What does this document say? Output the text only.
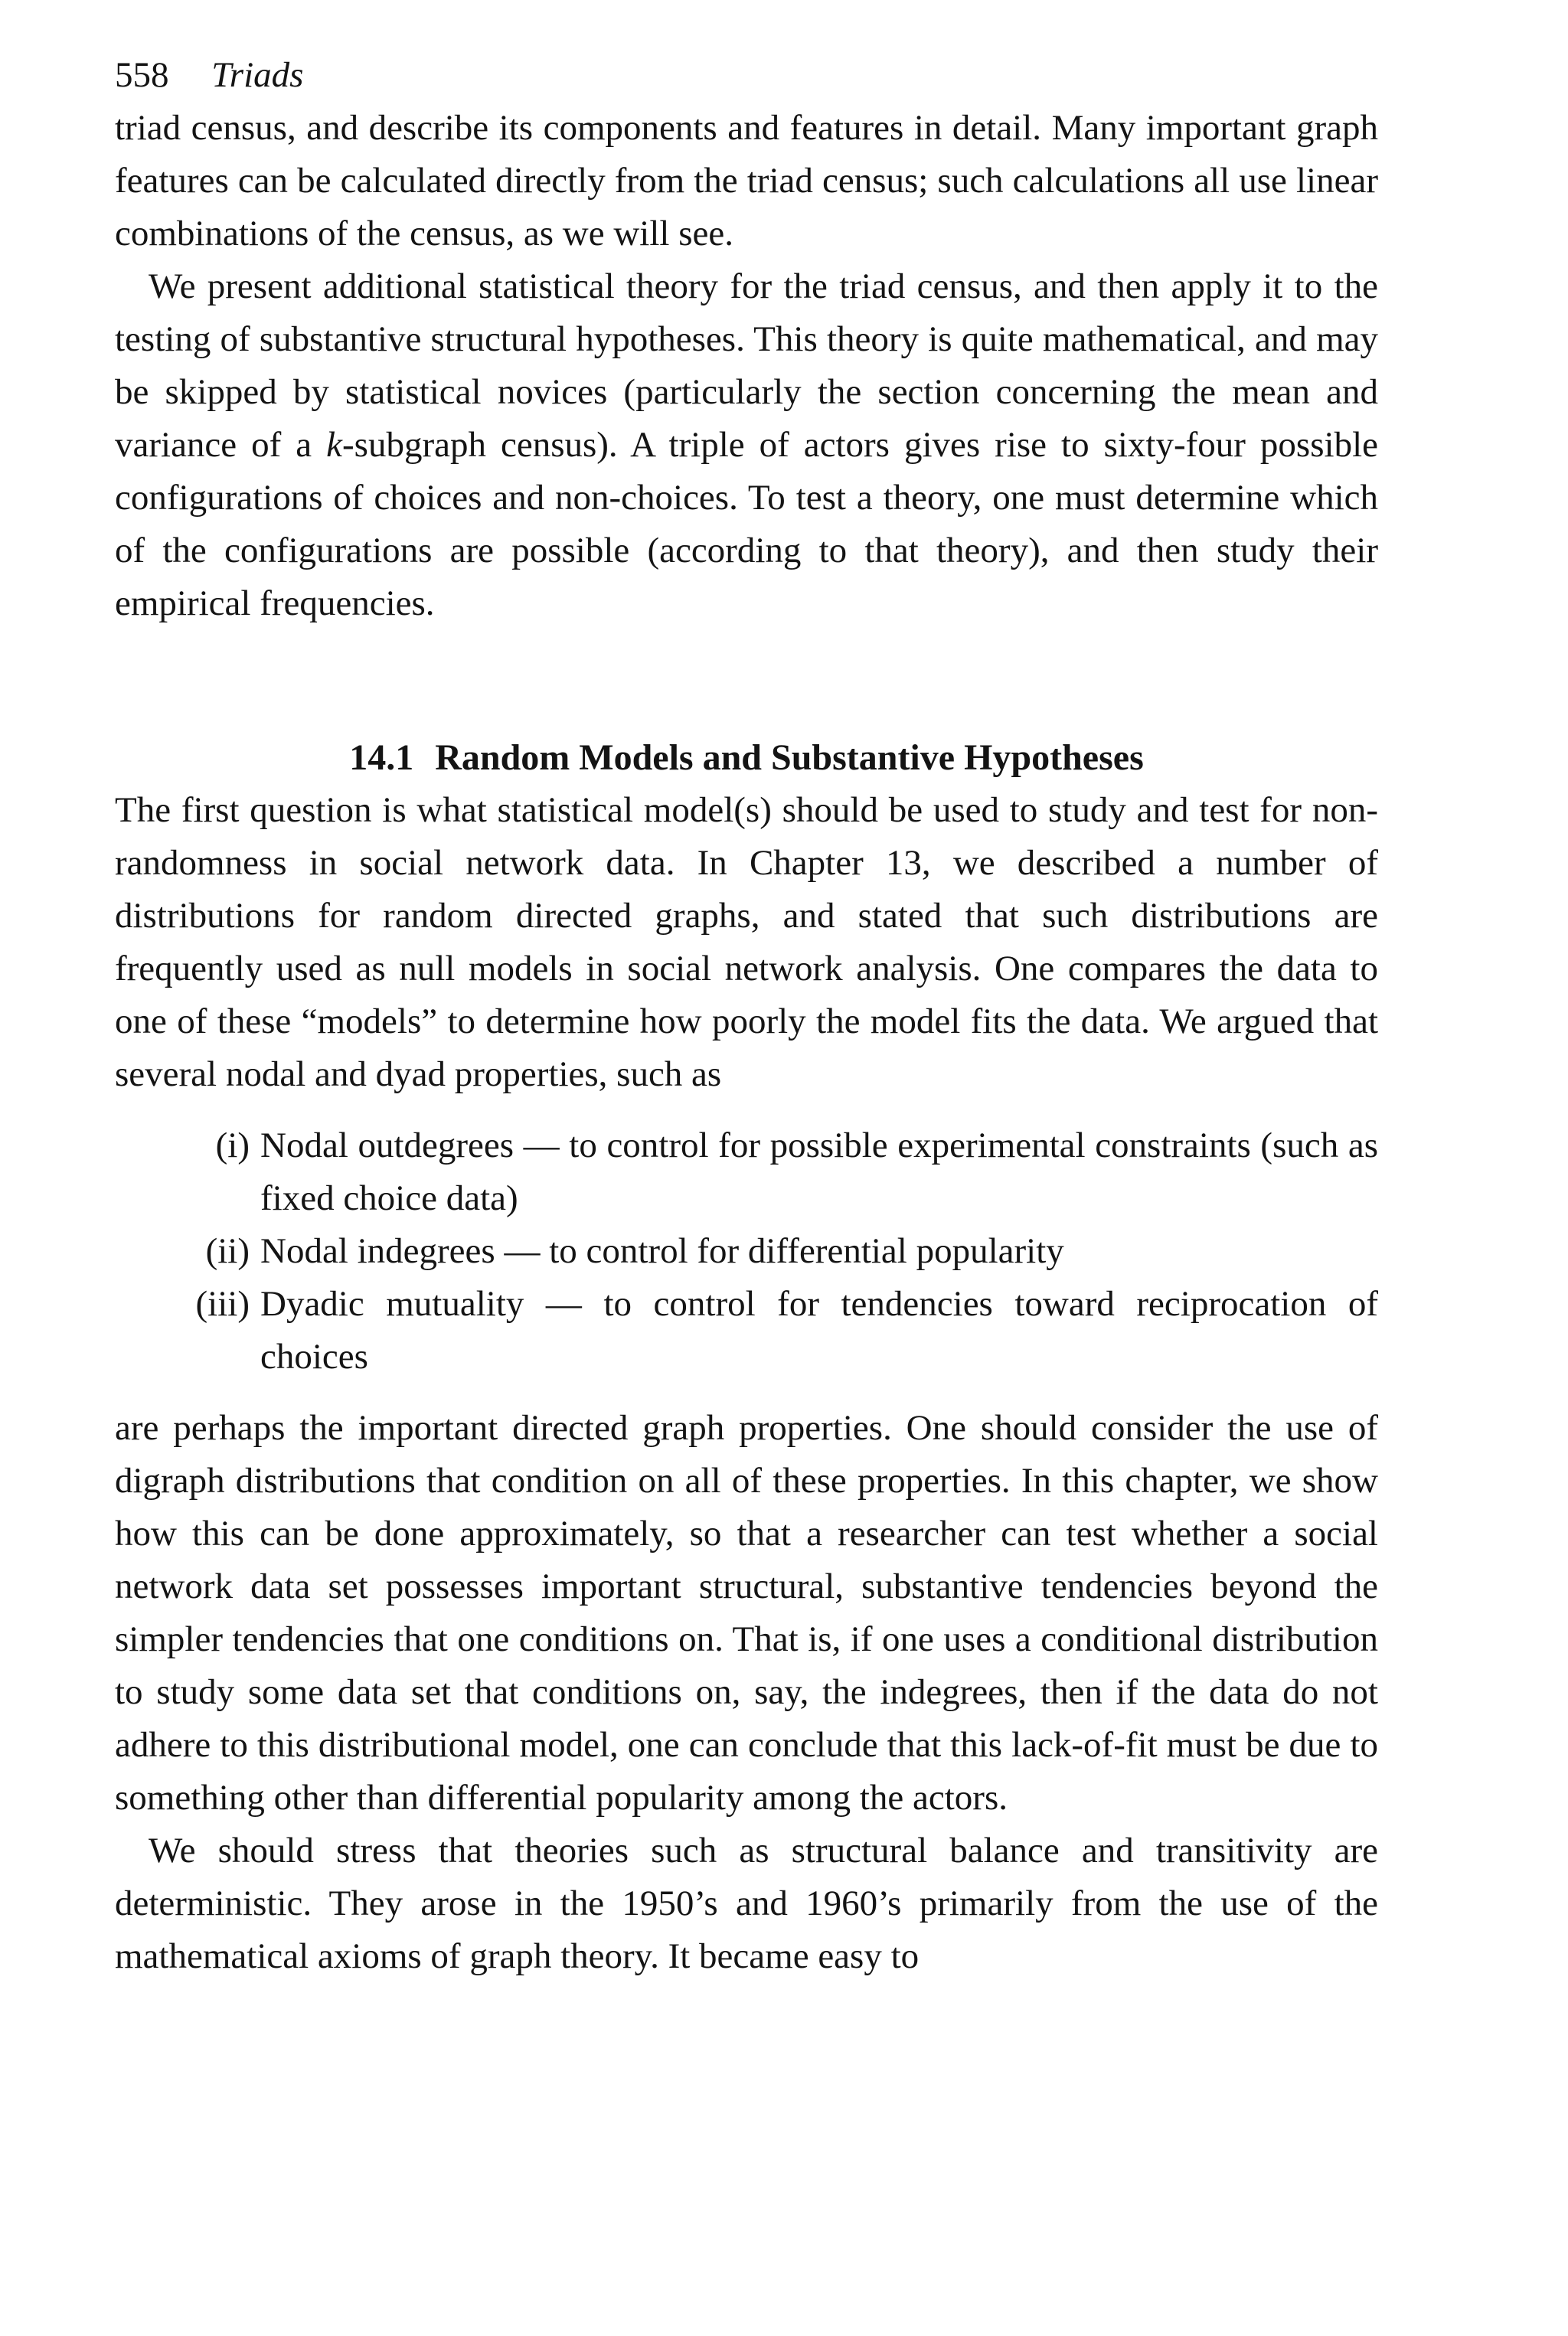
558 Triads

triad census, and describe its components and features in detail. Many important graph features can be calculated directly from the triad census; such calculations all use linear combinations of the census, as we will see.

We present additional statistical theory for the triad census, and then apply it to the testing of substantive structural hypotheses. This theory is quite mathematical, and may be skipped by statistical novices (particularly the section concerning the mean and variance of a k-subgraph census). A triple of actors gives rise to sixty-four possible configurations of choices and non-choices. To test a theory, one must determine which of the configurations are possible (according to that theory), and then study their empirical frequencies.

14.1 Random Models and Substantive Hypotheses

The first question is what statistical model(s) should be used to study and test for non-randomness in social network data. In Chapter 13, we described a number of distributions for random directed graphs, and stated that such distributions are frequently used as null models in social network analysis. One compares the data to one of these “models” to determine how poorly the model fits the data. We argued that several nodal and dyad properties, such as

(i) Nodal outdegrees — to control for possible experimental constraints (such as fixed choice data)
(ii) Nodal indegrees — to control for differential popularity
(iii) Dyadic mutuality — to control for tendencies toward reciprocation of choices

are perhaps the important directed graph properties. One should consider the use of digraph distributions that condition on all of these properties. In this chapter, we show how this can be done approximately, so that a researcher can test whether a social network data set possesses important structural, substantive tendencies beyond the simpler tendencies that one conditions on. That is, if one uses a conditional distribution to study some data set that conditions on, say, the indegrees, then if the data do not adhere to this distributional model, one can conclude that this lack-of-fit must be due to something other than differential popularity among the actors.

We should stress that theories such as structural balance and transitivity are deterministic. They arose in the 1950’s and 1960’s primarily from the use of the mathematical axioms of graph theory. It became easy to
